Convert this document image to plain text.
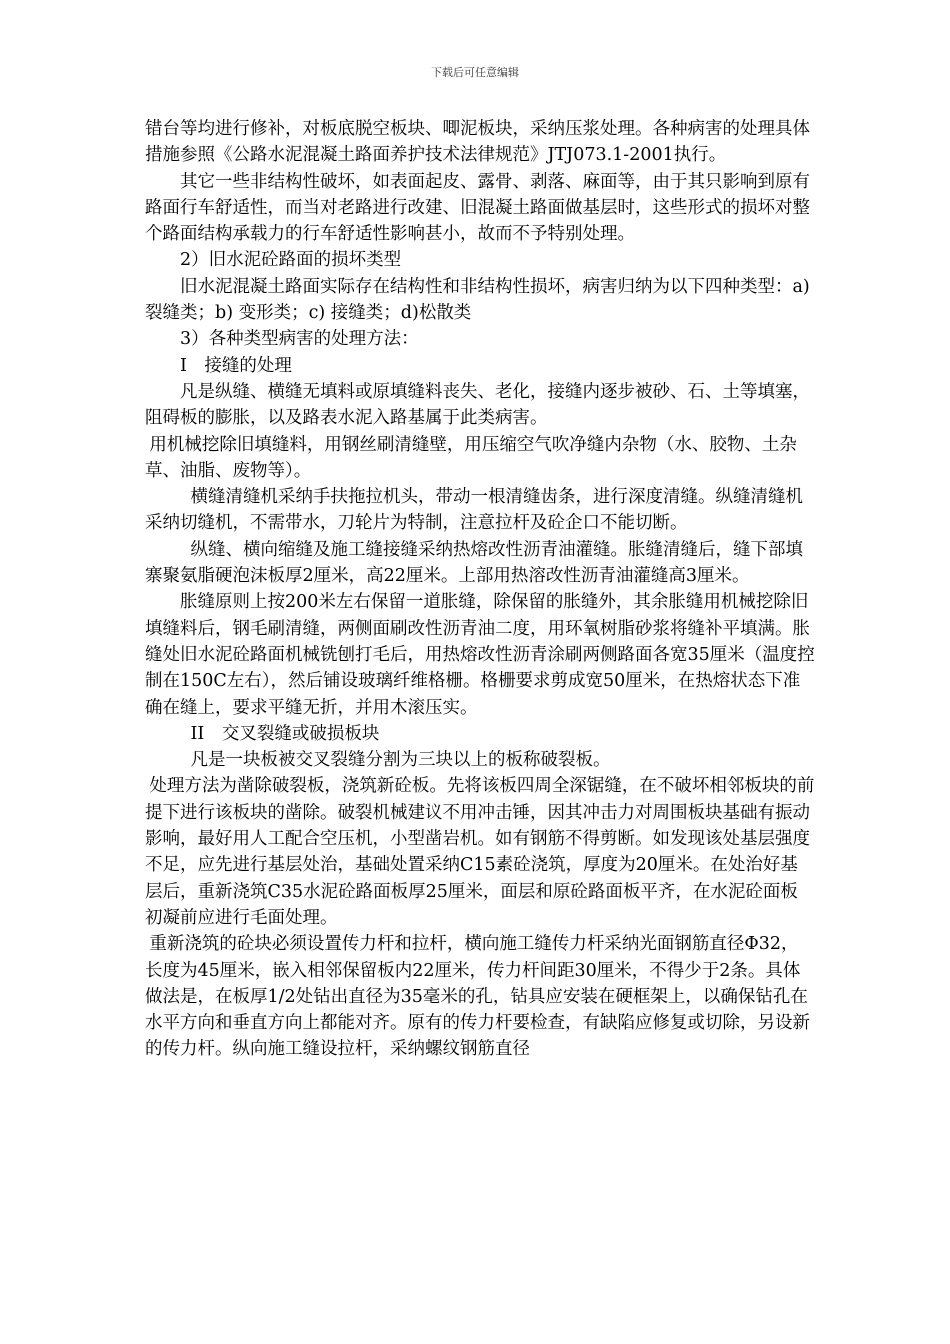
下载后可任意编辑

错台等均进行修补，对板底脱空板块、唧泥板块，采纳压浆处理。各种病害的处理具体措施参照《公路水泥混凝土路面养护技术法律规范》JTJ073.1-2001执行。

其它一些非结构性破坏，如表面起皮、露骨、剥落、麻面等，由于其只影响到原有路面行车舒适性，而当对老路进行改建、旧混凝土路面做基层时，这些形式的损坏对整个路面结构承载力的行车舒适性影响甚小，故而不予特别处理。

2）旧水泥砼路面的损坏类型

旧水泥混凝土路面实际存在结构性和非结构性损坏，病害归纳为以下四种类型：a) 裂缝类；b) 变形类；c) 接缝类；d)松散类

3）各种类型病害的处理方法：

I　接缝的处理

凡是纵缝、横缝无填料或原填缝料丧失、老化，接缝内逐步被砂、石、土等填塞，阻碍板的膨胀，以及路表水泥入路基属于此类病害。

用机械挖除旧填缝料，用钢丝刷清缝壁，用压缩空气吹净缝内杂物（水、胶物、土杂草、油脂、废物等）。

横缝清缝机采纳手扶拖拉机头，带动一根清缝齿条，进行深度清缝。纵缝清缝机采纳切缝机，不需带水，刀轮片为特制，注意拉杆及砼企口不能切断。

纵缝、横向缩缝及施工缝接缝采纳热熔改性沥青油灌缝。胀缝清缝后，缝下部填寨聚氨脂硬泡沫板厚2厘米，高22厘米。上部用热溶改性沥青油灌缝高3厘米。

胀缝原则上按200米左右保留一道胀缝，除保留的胀缝外，其余胀缝用机械挖除旧填缝料后，钢毛刷清缝，两侧面刷改性沥青油二度，用环氧树脂砂浆将缝补平填满。胀缝处旧水泥砼路面机械铣刨打毛后，用热熔改性沥青涂刷两侧路面各宽35厘米（温度控制在150C左右），然后铺设玻璃纤维格栅。格栅要求剪成宽50厘米，在热熔状态下准确在缝上，要求平缝无折，并用木滚压实。

II　交叉裂缝或破损板块

凡是一块板被交叉裂缝分割为三块以上的板称破裂板。

处理方法为凿除破裂板，浇筑新砼板。先将该板四周全深锯缝，在不破坏相邻板块的前提下进行该板块的凿除。破裂机械建议不用冲击锤，因其冲击力对周围板块基础有振动影响，最好用人工配合空压机，小型凿岩机。如有钢筋不得剪断。如发现该处基层强度不足，应先进行基层处治，基础处置采纳C15素砼浇筑，厚度为20厘米。在处治好基层后，重新浇筑C35水泥砼路面板厚25厘米，面层和原砼路面板平齐，在水泥砼面板初凝前应进行毛面处理。

重新浇筑的砼块必须设置传力杆和拉杆，横向施工缝传力杆采纳光面钢筋直径Φ32，长度为45厘米，嵌入相邻保留板内22厘米，传力杆间距30厘米，不得少于2条。具体做法是，在板厚1/2处钻出直径为35毫米的孔，钻具应安装在硬框架上，以确保钻孔在水平方向和垂直方向上都能对齐。原有的传力杆要检查，有缺陷应修复或切除，另设新的传力杆。纵向施工缝设拉杆，采纳螺纹钢筋直径
